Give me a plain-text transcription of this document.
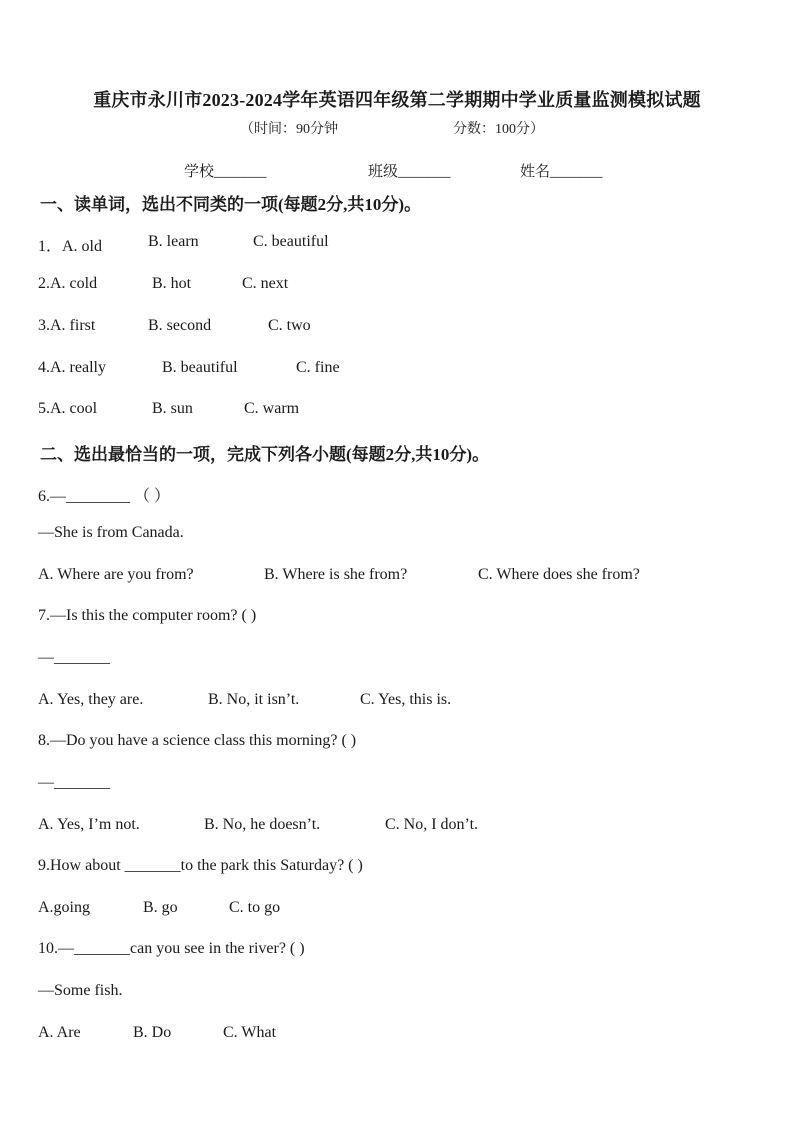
重庆市永川市2023-2024学年英语四年级第二学期期中学业质量监测模拟试题
（时间：90分钟	分数：100分）
学校_______	班级_______	姓名_______
一、读单词，选出不同类的一项(每题2分,共10分)。
1．A. old	B. learn	C. beautiful
2.A. cold	B. hot	C. next
3.A. first	B. second	C. two
4.A. really	B. beautiful	C. fine
5.A. cool	B. sun	C. warm
二、选出最恰当的一项，完成下列各小题(每题2分,共10分)。
6.—________ （ ）
—She is from Canada.
A. Where are you from?	B. Where is she from?	C. Where does she from?
7.—Is this the computer room? ( )
—_______
A. Yes, they are.	B. No, it isn’t.	C. Yes, this is.
8.—Do you have a science class this morning? ( )
—_______
A. Yes, I’m not.	B. No, he doesn’t.	C. No, I don’t.
9.How about _______to the park this Saturday? ( )
A.going	B. go	C. to go
10.—_______can you see in the river? ( )
—Some fish.
A. Are	B. Do	C. What
